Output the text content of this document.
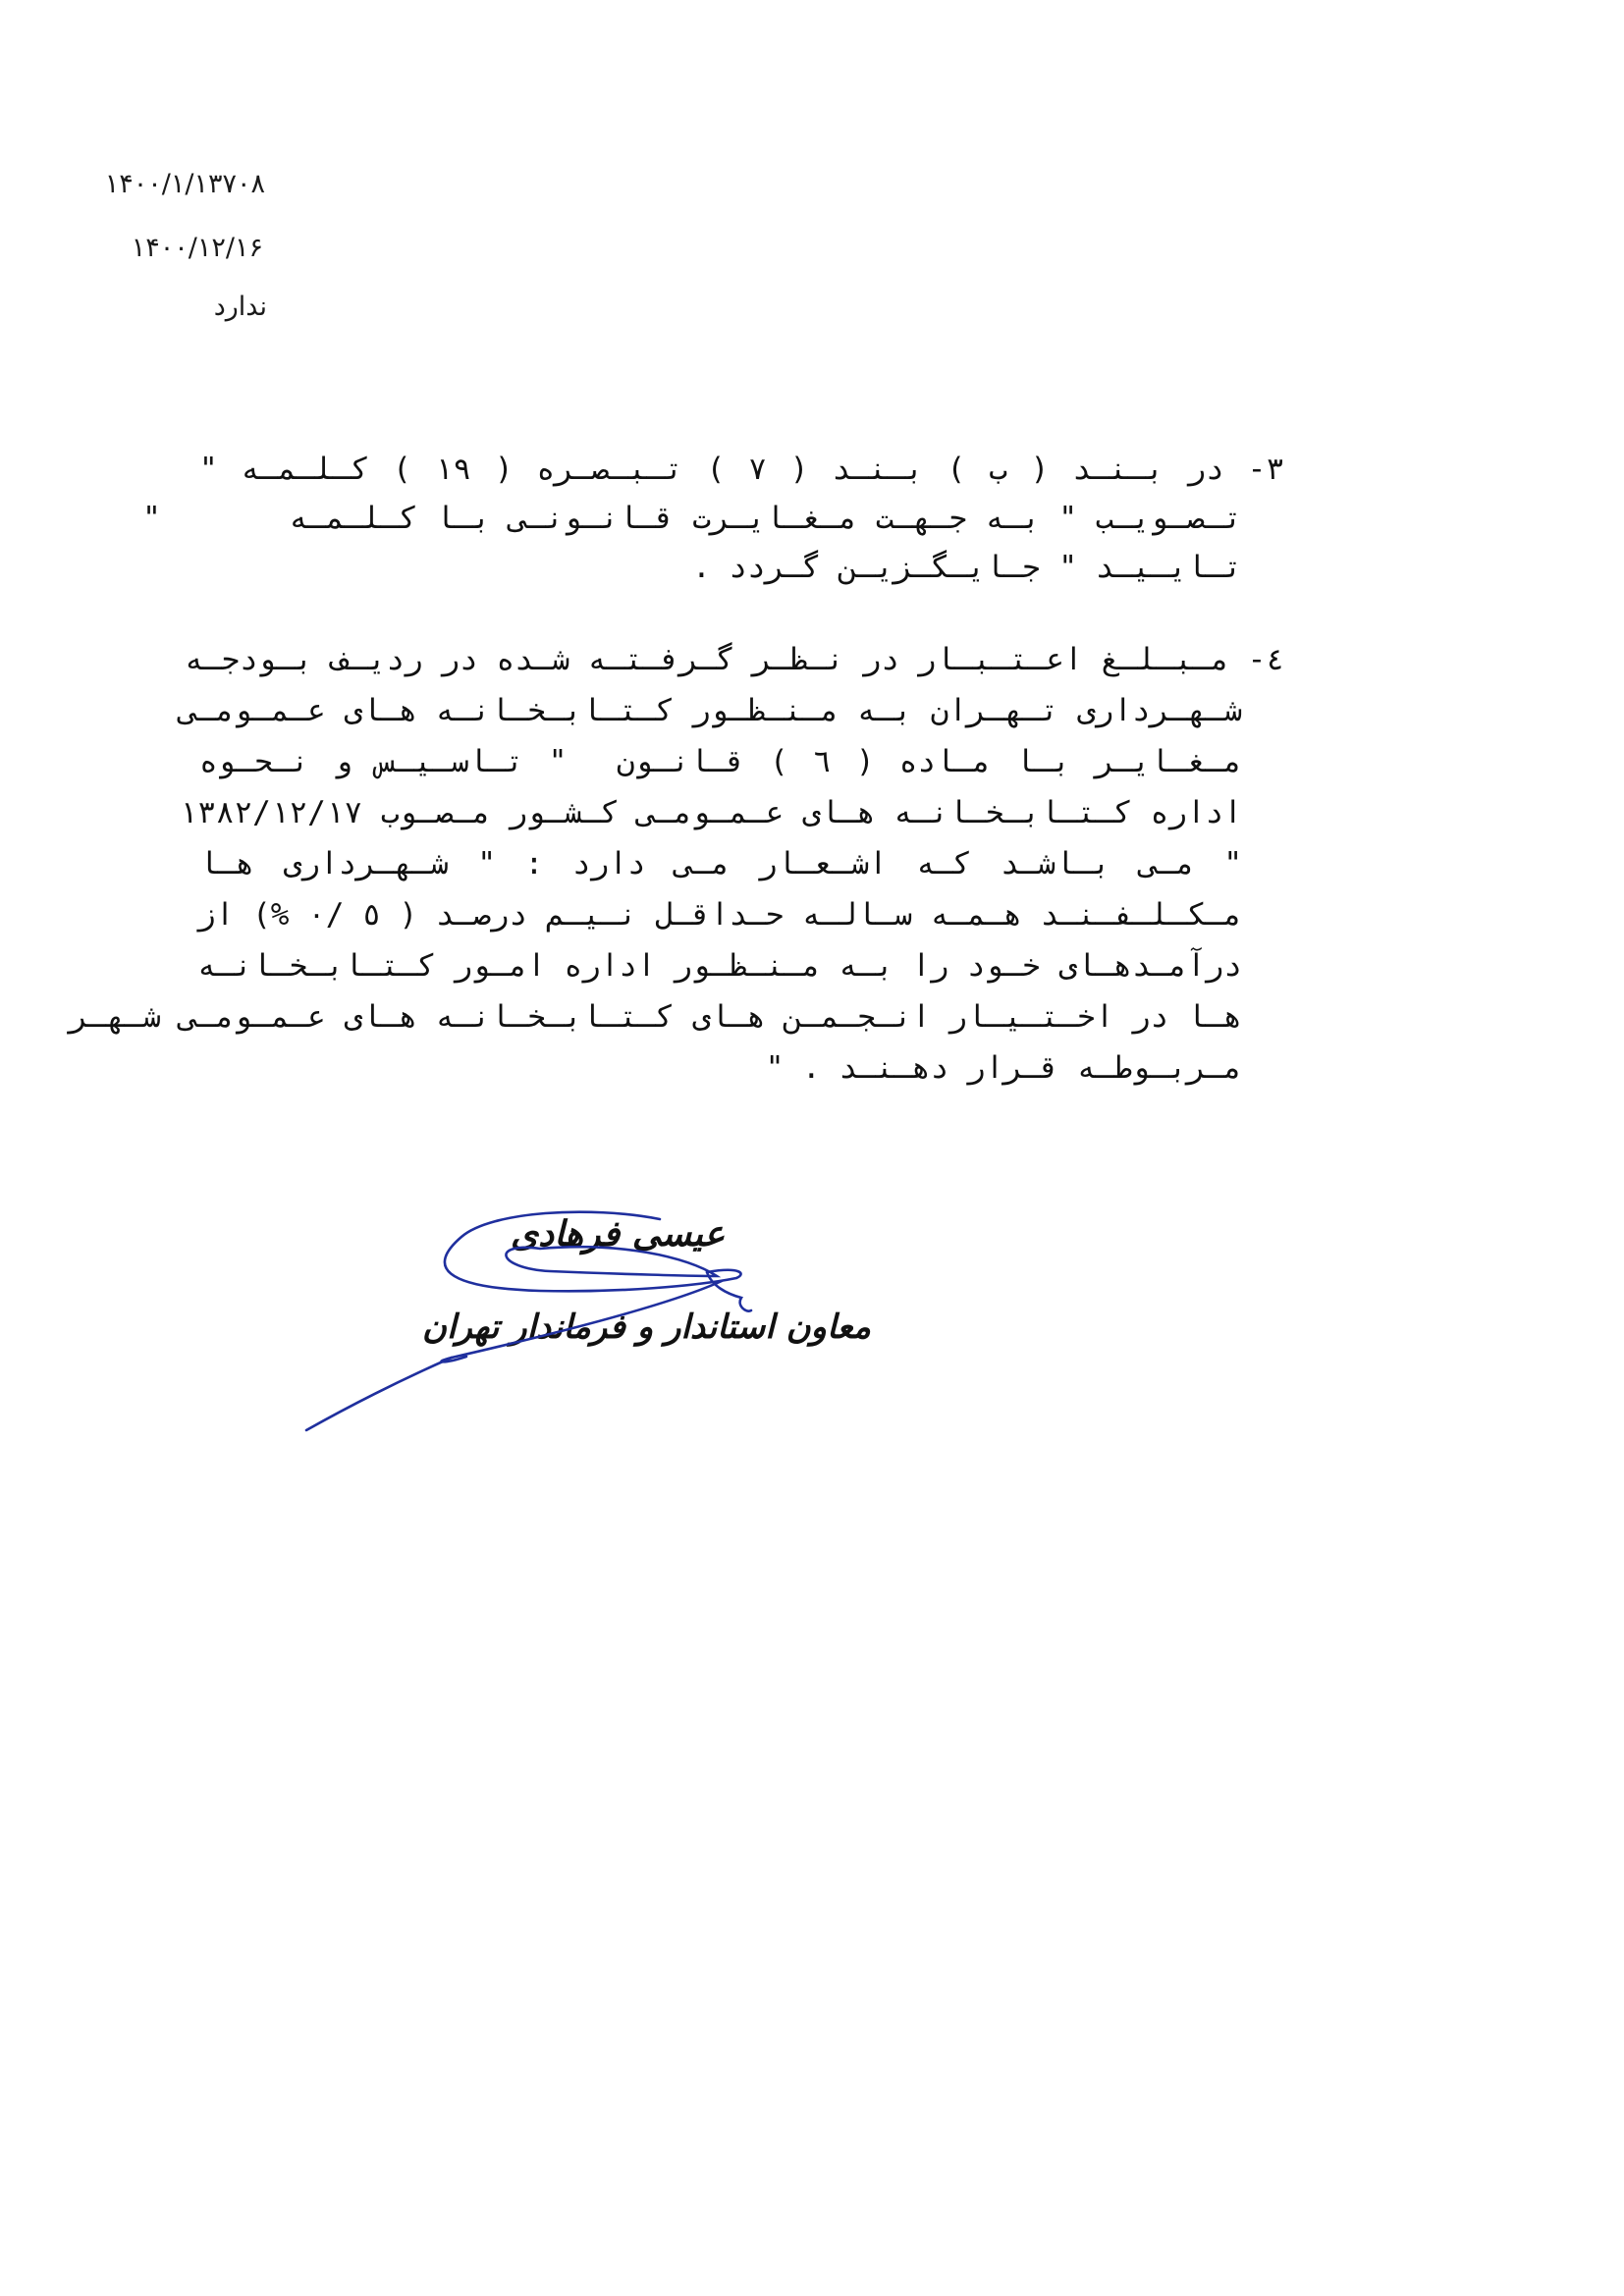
۱۴۰۰/۱/۱۳۷۰۸
۱۴۰۰/۱۲/۱۶
ندارد
۳- در بـنـد ( ب ) بـنـد ( ۷ ) تـبـصـره ( ۱۹ ) کـلـمـه "
تـصـویـب " بـه جـهـت مـغـایـرت قـانـونـی بـا کـلـمـه       "
تـایـیـد " جـایـگـزیـن گـردد .
٤- مـبـلـغ اعـتـبـار در نـظـر گـرفـتـه شـده در ردیـف بـودجـه
شـهـرداری تـهـران بـه مـنـظـور کـتـابـخـانـه هـای عـمـومـی
مـغـایـر بـا مـاده ( ٦ ) قـانـون  " تـاسـیـس و نـحـوه
اداره کـتـابـخـانـه هـای عـمـومـی کـشـور مـصـوب ۱۳۸۲/۱۲/۱۷
" مـی بـاشـد کـه اشـعـار مـی دارد : " شـهـرداری هـا
مـکـلـفـنـد هـمـه سـالـه حـداقـل نـیـم درصـد ( ٥ /۰ %) از
درآمـدهـای خـود را بـه مـنـظـور اداره امـور کـتـابـخـانـه
هـا در اخـتـیـار انـجـمـن هـای کـتـابـخـانـه هـای عـمـومـی شـهـر
مـربـوطـه قـرار دهـنـد . "
عیسی فرهادی
معاون استاندار و فرماندار تهران
